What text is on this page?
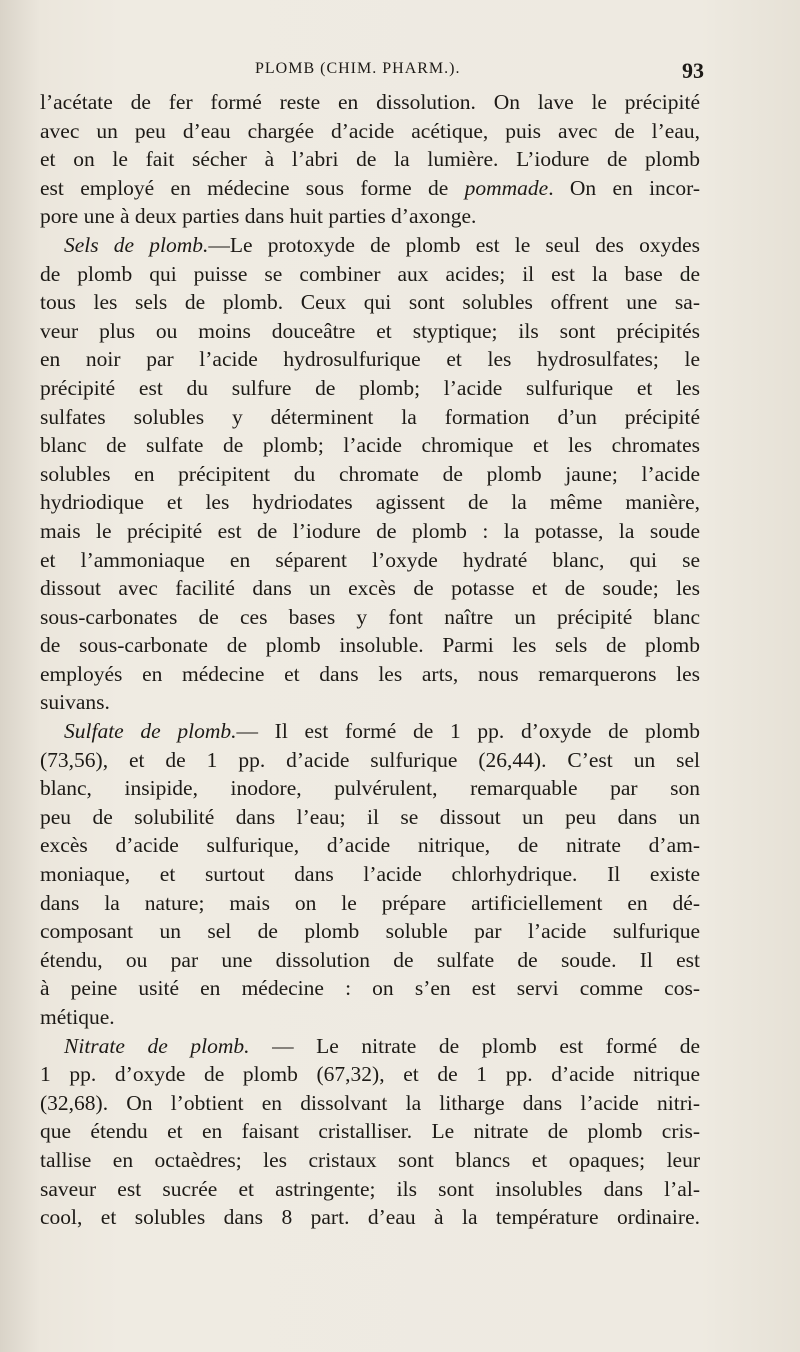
PLOMB (CHIM. PHARM.).	93
l’acétate de fer formé reste en dissolution. On lave le précipité
avec un peu d’eau chargée d’acide acétique, puis avec de l’eau,
et on le fait sécher à l’abri de la lumière. L’iodure de plomb
est employé en médecine sous forme de pommade. On en incor-
pore une à deux parties dans huit parties d’axonge.
Sels de plomb.—Le protoxyde de plomb est le seul des oxydes
de plomb qui puisse se combiner aux acides; il est la base de
tous les sels de plomb. Ceux qui sont solubles offrent une sa-
veur plus ou moins douceâtre et styptique; ils sont précipités
en noir par l’acide hydrosulfurique et les hydrosulfates; le
précipité est du sulfure de plomb; l’acide sulfurique et les
sulfates solubles y déterminent la formation d’un précipité
blanc de sulfate de plomb; l’acide chromique et les chromates
solubles en précipitent du chromate de plomb jaune; l’acide
hydriodique et les hydriodates agissent de la même manière,
mais le précipité est de l’iodure de plomb : la potasse, la soude
et l’ammoniaque en séparent l’oxyde hydraté blanc, qui se
dissout avec facilité dans un excès de potasse et de soude; les
sous-carbonates de ces bases y font naître un précipité blanc
de sous-carbonate de plomb insoluble. Parmi les sels de plomb
employés en médecine et dans les arts, nous remarquerons les
suivans.
Sulfate de plomb.— Il est formé de 1 pp. d’oxyde de plomb
(73,56), et de 1 pp. d’acide sulfurique (26,44). C’est un sel
blanc, insipide, inodore, pulvérulent, remarquable par son
peu de solubilité dans l’eau; il se dissout un peu dans un
excès d’acide sulfurique, d’acide nitrique, de nitrate d’am-
moniaque, et surtout dans l’acide chlorhydrique. Il existe
dans la nature; mais on le prépare artificiellement en dé-
composant un sel de plomb soluble par l’acide sulfurique
étendu, ou par une dissolution de sulfate de soude. Il est
à peine usité en médecine : on s’en est servi comme cos-
métique.
Nitrate de plomb. — Le nitrate de plomb est formé de
1 pp. d’oxyde de plomb (67,32), et de 1 pp. d’acide nitrique
(32,68). On l’obtient en dissolvant la litharge dans l’acide nitri-
que étendu et en faisant cristalliser. Le nitrate de plomb cris-
tallise en octaèdres; les cristaux sont blancs et opaques; leur
saveur est sucrée et astringente; ils sont insolubles dans l’al-
cool, et solubles dans 8 part. d’eau à la température ordinaire.
